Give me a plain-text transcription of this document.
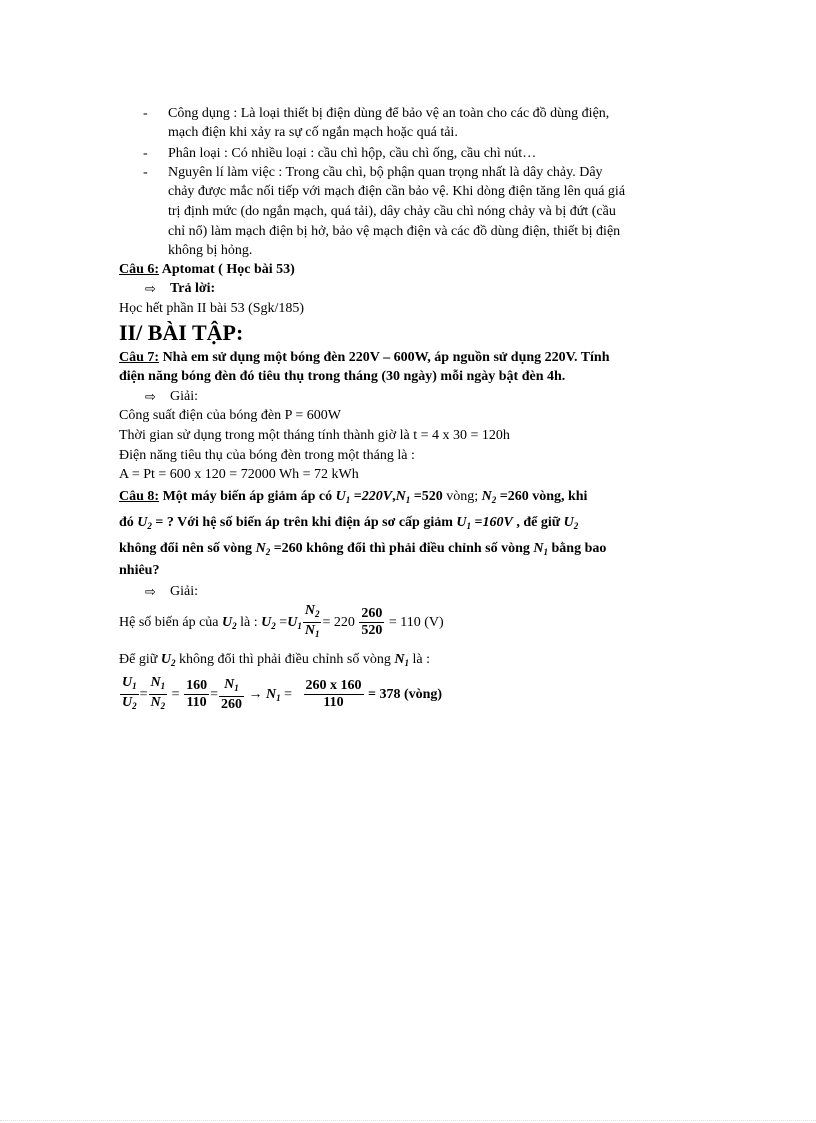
- Công dụng : Là loại thiết bị điện dùng để bảo vệ an toàn cho các đồ dùng điện,
mạch điện khi xảy ra sự cố ngắn mạch hoặc quá tải.
- Phân loại : Có nhiều loại : cầu chì hộp, cầu chì ống, cầu chì nút…
- Nguyên lí làm việc : Trong cầu chì, bộ phận quan trọng nhất là dây chảy. Dây
chảy được mắc nối tiếp với mạch điện cần bảo vệ. Khi dòng điện tăng lên quá giá
trị định mức (do ngắn mạch, quá tải), dây chảy cầu chì nóng chảy và bị đứt (cầu
chỉ nổ) làm mạch điện bị hở, bảo vệ mạch điện và các đồ dùng điện, thiết bị điện
không bị hỏng.
Câu 6: Aptomat ( Học bài 53)
⇨ Trả lời:
Học hết phần II bài 53 (Sgk/185)
II/ BÀI TẬP:
Câu 7: Nhà em sử dụng một bóng đèn 220V – 600W, áp nguồn sử dụng 220V. Tính
điện năng bóng đèn đó tiêu thụ trong tháng (30 ngày) mỗi ngày bật đèn 4h.
⇨ Giải:
Công suất điện của bóng đèn P = 600W
Thời gian sử dụng trong một tháng tính thành giờ là t = 4 x 30 = 120h
Điện năng tiêu thụ của bóng đèn trong một tháng là :
A = Pt = 600 x 120 = 72000 Wh = 72 kWh
Câu 8: Một máy biến áp giảm áp có $U_1 =220V,N_1 =520$ vòng; $N_2 =260$ vòng, khi
đó $U_2$ = ? Với hệ số biến áp trên khi điện áp sơ cấp giảm $U_1 =160V$ , để giữ $U_2$
không đổi nên số vòng $N_2 =260$ không đổi thì phải điều chỉnh số vòng $N_1$ bằng bao
nhiêu?
⇨ Giải:
Hệ số biến áp của $U_2$ là : $U_2 =U_1 \frac{N_2}{N_1} = 220 \frac{260}{520} = 110$ (V)
Để giữ $U_2$ không đổi thì phải điều chỉnh số vòng $N_1$ là :
$\frac{U_1}{U_2} = \frac{N_1}{N_2} = \frac{160}{110} = \frac{N_1}{260} \to N_1 = \frac{260 x 160}{110} = 378$ (vòng)
